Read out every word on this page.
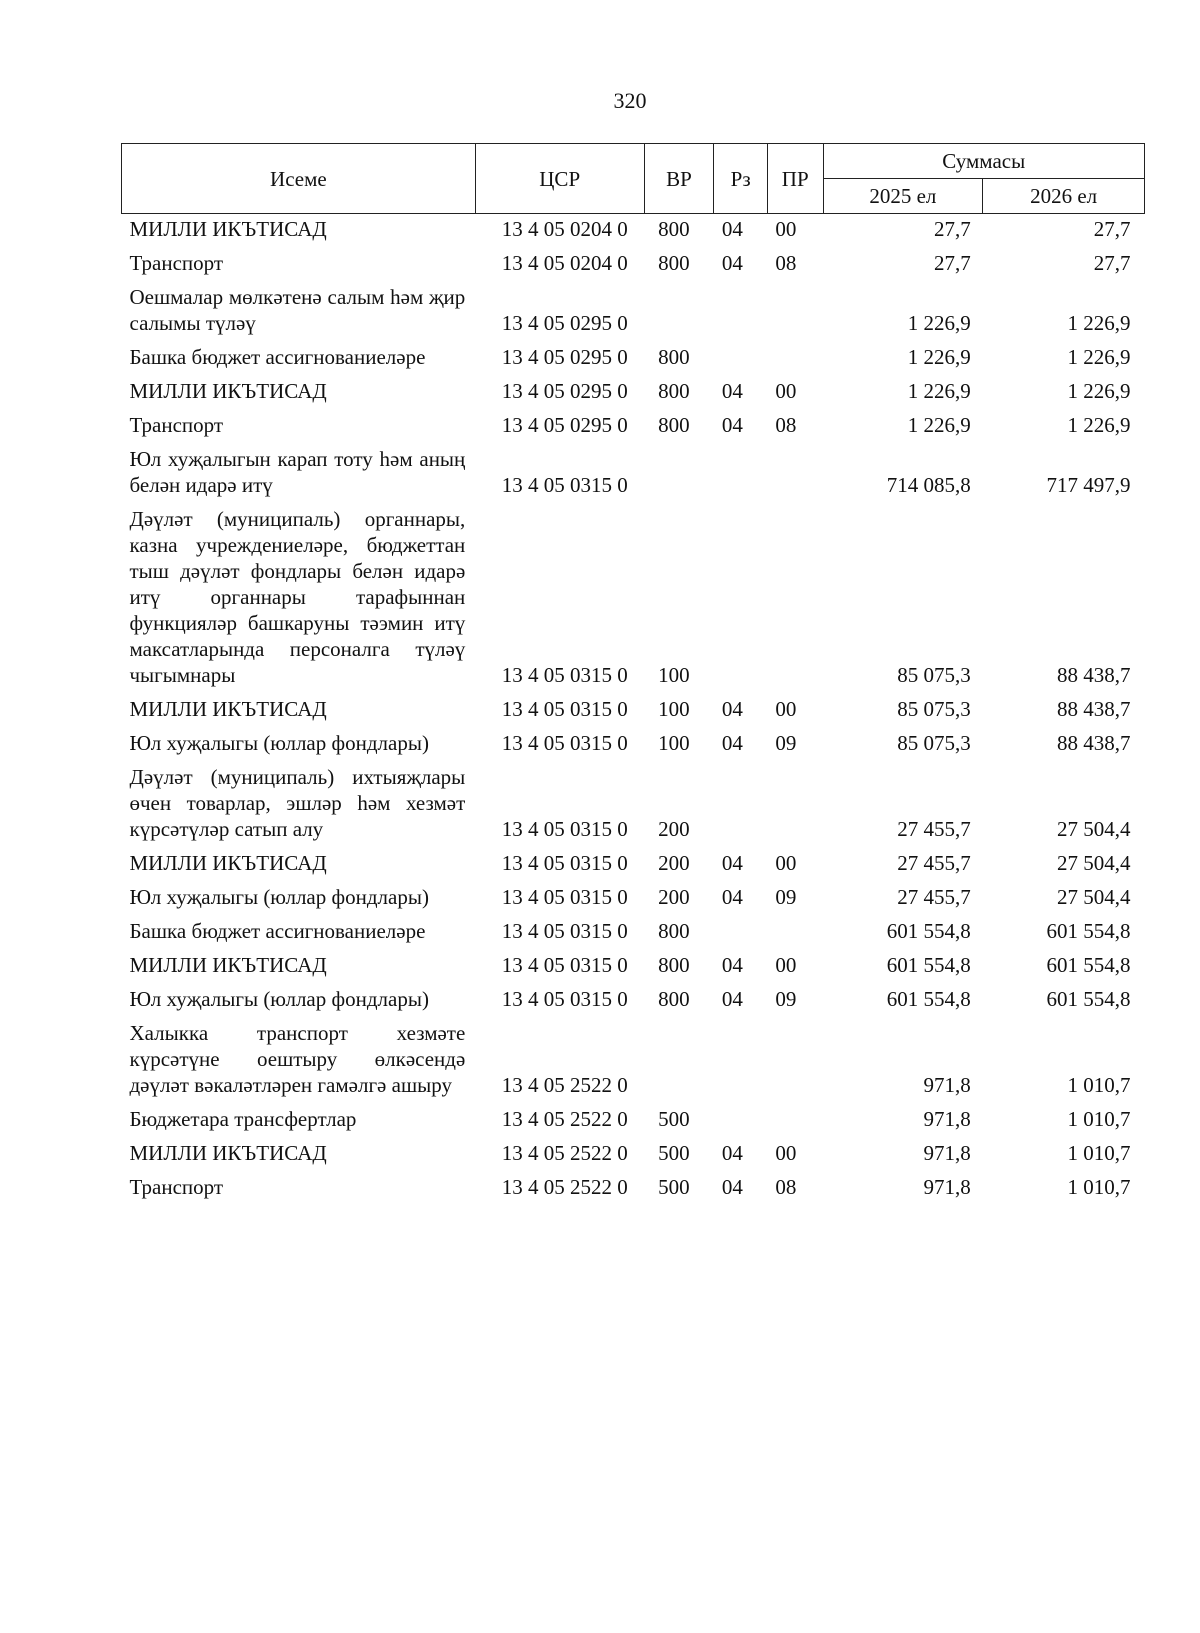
320
Исеме	ЦСР	ВР	Рз	ПР	Суммасы	
					2025 ел	2026 ел
МИЛЛИ ИКЪТИСАД	13 4 05 0204 0	800	04	00	27,7	27,7
Транспорт	13 4 05 0204 0	800	04	08	27,7	27,7
Оешмалар мөлкәтенә салым һәм җир салымы түләү	13 4 05 0295 0				1 226,9	1 226,9
Башка бюджет ассигнованиеләре	13 4 05 0295 0	800			1 226,9	1 226,9
МИЛЛИ ИКЪТИСАД	13 4 05 0295 0	800	04	00	1 226,9	1 226,9
Транспорт	13 4 05 0295 0	800	04	08	1 226,9	1 226,9
Юл хуҗалыгын карап тоту һәм аның белән идарә итү	13 4 05 0315 0				714 085,8	717 497,9
Дәүләт (муниципаль) органнары, казна учреждениеләре, бюджеттан тыш дәүләт фондлары белән идарә итү органнары тарафыннан функцияләр башкаруны тәэмин итү максатларында персоналга түләү чыгымнары	13 4 05 0315 0	100			85 075,3	88 438,7
МИЛЛИ ИКЪТИСАД	13 4 05 0315 0	100	04	00	85 075,3	88 438,7
Юл хуҗалыгы (юллар фондлары)	13 4 05 0315 0	100	04	09	85 075,3	88 438,7
Дәүләт (муниципаль) ихтыяҗлары өчен товарлар, эшләр һәм хезмәт күрсәтүләр сатып алу	13 4 05 0315 0	200			27 455,7	27 504,4
МИЛЛИ ИКЪТИСАД	13 4 05 0315 0	200	04	00	27 455,7	27 504,4
Юл хуҗалыгы (юллар фондлары)	13 4 05 0315 0	200	04	09	27 455,7	27 504,4
Башка бюджет ассигнованиеләре	13 4 05 0315 0	800			601 554,8	601 554,8
МИЛЛИ ИКЪТИСАД	13 4 05 0315 0	800	04	00	601 554,8	601 554,8
Юл хуҗалыгы (юллар фондлары)	13 4 05 0315 0	800	04	09	601 554,8	601 554,8
Халыкка транспорт хезмәте күрсәтүне оештыру өлкәсендә дәүләт вәкаләтләрен гамәлгә ашыру	13 4 05 2522 0				971,8	1 010,7
Бюджетара трансфертлар	13 4 05 2522 0	500			971,8	1 010,7
МИЛЛИ ИКЪТИСАД	13 4 05 2522 0	500	04	00	971,8	1 010,7
Транспорт	13 4 05 2522 0	500	04	08	971,8	1 010,7
